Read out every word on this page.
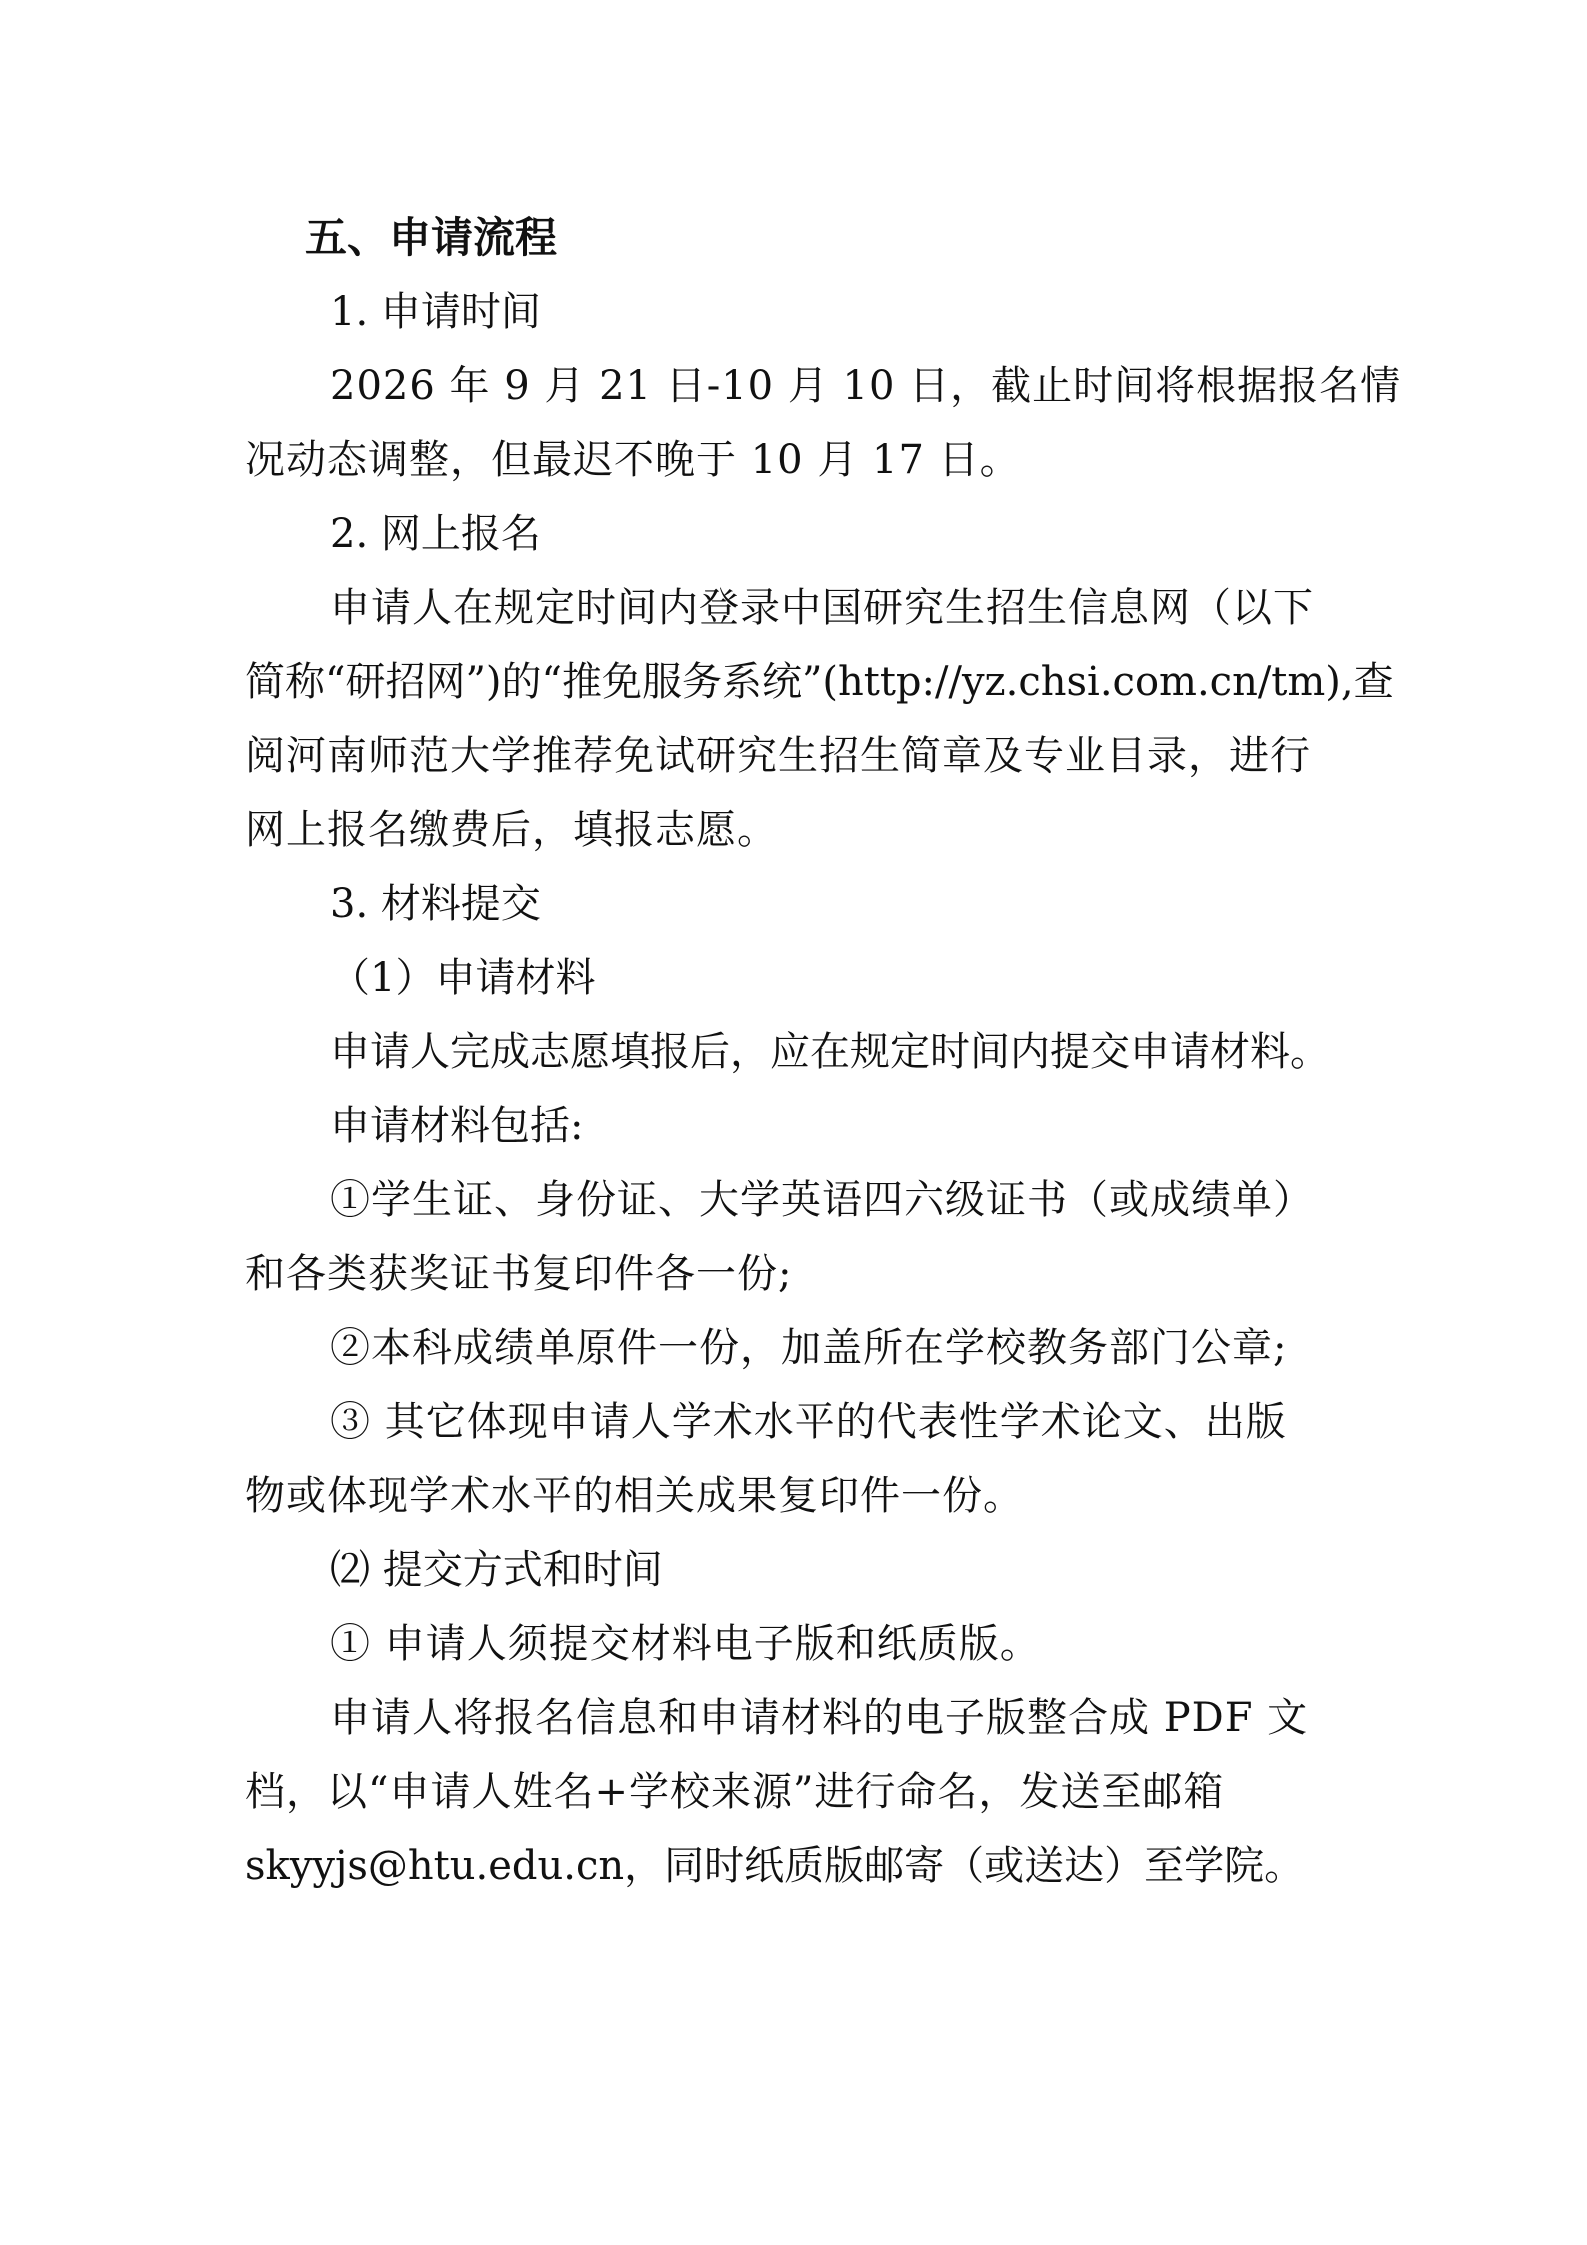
五、申请流程
1. 申请时间
2026 年 9 月 21 日-10 月 10 日，截止时间将根据报名情
况动态调整，但最迟不晚于 10 月 17 日。
2. 网上报名
申请人在规定时间内登录中国研究生招生信息网（以下
简称“研招网”)的“推免服务系统”(http://yz.chsi.com.cn/tm),查
阅河南师范大学推荐免试研究生招生简章及专业目录，进行
网上报名缴费后，填报志愿。
3. 材料提交
（1）申请材料
申请人完成志愿填报后，应在规定时间内提交申请材料。
申请材料包括:
①学生证、身份证、大学英语四六级证书（或成绩单）
和各类获奖证书复印件各一份;
②本科成绩单原件一份，加盖所在学校教务部门公章;
③ 其它体现申请人学术水平的代表性学术论文、出版
物或体现学术水平的相关成果复印件一份。
⑵ 提交方式和时间
① 申请人须提交材料电子版和纸质版。
申请人将报名信息和申请材料的电子版整合成 PDF 文
档，以“申请人姓名+学校来源”进行命名，发送至邮箱
skyyjs@htu.edu.cn，同时纸质版邮寄（或送达）至学院。
